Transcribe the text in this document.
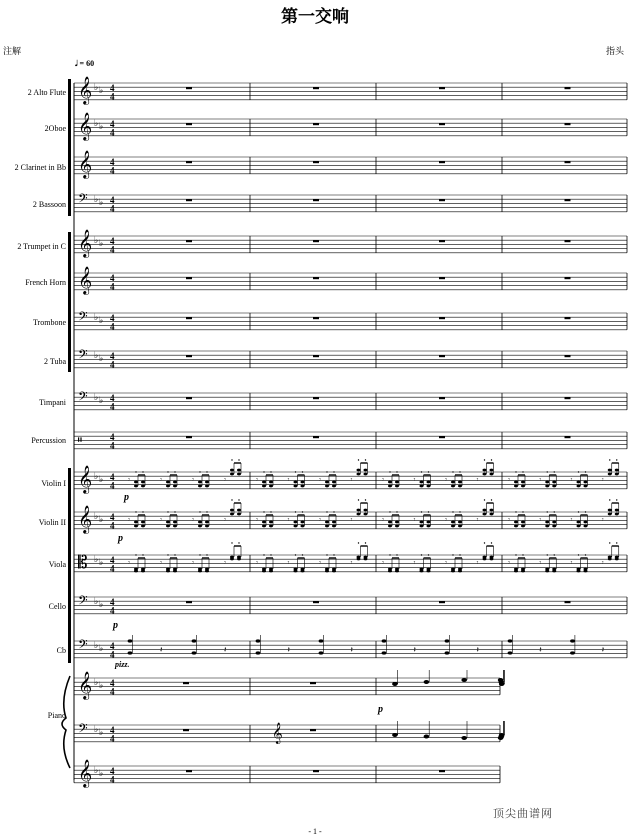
第一交响
注解	指头
𝅗𝅥 = 60
2 Alto Flute
2Oboe
2 Clarinet in Bb
2 Bassoon
2 Trumpet in C
French Horn
Trombone
2 Tuba
Timpani
Percussion
Violin I
Violin II
Viola
Cello
Cb
Piano
p
p
p
pizz.
p
顶尖曲谱网
- 1 -
𝄞 ♭ ♭ 4
4
𝄞 ♭ ♭ 4
4
𝄞 4
4
𝄢 ♭ ♭ 4
4
𝄞 ♭ ♭ 4
4
𝄞 4
4
𝄢 ♭ ♭ 4
4
𝄢 ♭ ♭ 4
4
𝄢 ♭ ♭ 4
4
𝄥	4
4
𝄞 ♭ ♭ 4
4
𝄾	𝄾	𝄾	𝄾	𝄾	𝄾	𝄾	𝄾	𝄾	𝄾	𝄾	𝄾	𝄾	𝄾	𝄾	𝄾
𝄞 ♭ ♭ 4
4
𝄾	𝄾	𝄾	𝄾	𝄾	𝄾	𝄾	𝄾	𝄾	𝄾	𝄾	𝄾	𝄾	𝄾	𝄾	𝄾
𝄡 ♭ ♭ 4
4
𝄾	𝄾	𝄾	𝄾	𝄾	𝄾	𝄾	𝄾	𝄾	𝄾	𝄾	𝄾	𝄾	𝄾	𝄾	𝄾
𝄢 ♭ ♭ 4
4
𝄢 ♭ ♭ 4
4	𝄽	𝄽	𝄽	𝄽	𝄽	𝄽	𝄽	𝄽
𝄞 ♭ ♭ 4
4
𝄢 ♭ ♭ 4
4	𝄞
𝄞 ♭ ♭ 4
4
